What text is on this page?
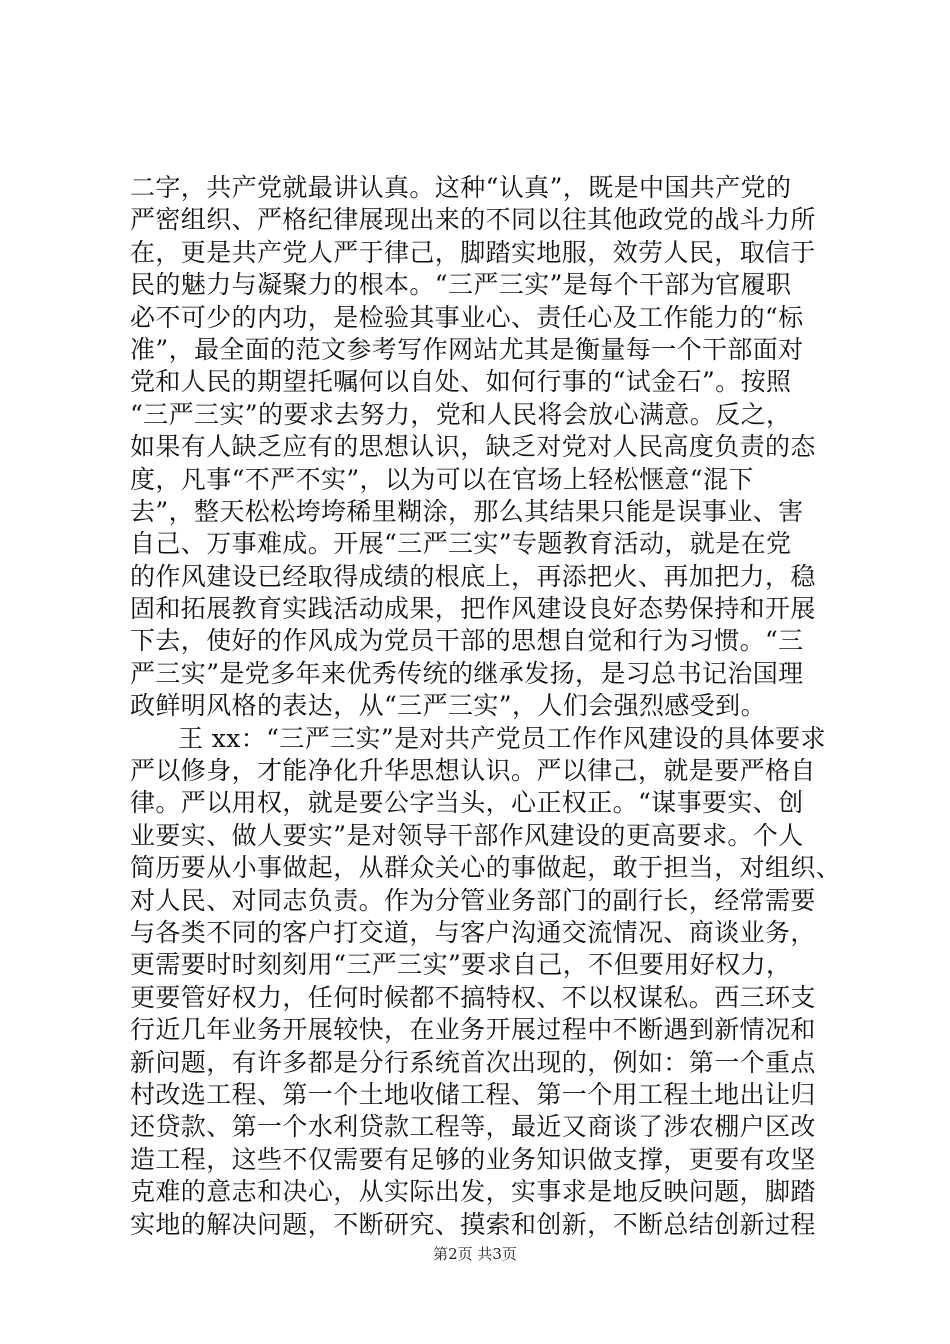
二字，共产党就最讲认真。这种“认真”，既是中国共产党的
严密组织、严格纪律展现出来的不同以往其他政党的战斗力所
在，更是共产党人严于律己，脚踏实地服，效劳人民，取信于
民的魅力与凝聚力的根本。“三严三实”是每个干部为官履职
必不可少的内功，是检验其事业心、责任心及工作能力的“标
准”，最全面的范文参考写作网站尤其是衡量每一个干部面对
党和人民的期望托嘱何以自处、如何行事的“试金石”。按照
“三严三实”的要求去努力，党和人民将会放心满意。反之，
如果有人缺乏应有的思想认识，缺乏对党对人民高度负责的态
度，凡事“不严不实”，以为可以在官场上轻松惬意“混下
去”，整天松松垮垮稀里糊涂，那么其结果只能是误事业、害
自己、万事难成。开展“三严三实”专题教育活动，就是在党
的作风建设已经取得成绩的根底上，再添把火、再加把力，稳
固和拓展教育实践活动成果，把作风建设良好态势保持和开展
下去，使好的作风成为党员干部的思想自觉和行为习惯。“三
严三实”是党多年来优秀传统的继承发扬，是习总书记治国理
政鲜明风格的表达，从“三严三实”，人们会强烈感受到。
王 xx：“三严三实”是对共产党员工作作风建设的具体要求
严以修身，才能净化升华思想认识。严以律己，就是要严格自
律。严以用权，就是要公字当头，心正权正。“谋事要实、创
业要实、做人要实”是对领导干部作风建设的更高要求。个人
简历要从小事做起，从群众关心的事做起，敢于担当，对组织、
对人民、对同志负责。作为分管业务部门的副行长，经常需要
与各类不同的客户打交道，与客户沟通交流情况、商谈业务，
更需要时时刻刻用“三严三实”要求自己，不但要用好权力，
更要管好权力，任何时候都不搞特权、不以权谋私。西三环支
行近几年业务开展较快，在业务开展过程中不断遇到新情况和
新问题，有许多都是分行系统首次出现的，例如：第一个重点
村改选工程、第一个土地收储工程、第一个用工程土地出让归
还贷款、第一个水利贷款工程等，最近又商谈了涉农棚户区改
造工程，这些不仅需要有足够的业务知识做支撑，更要有攻坚
克难的意志和决心，从实际出发，实事求是地反映问题，脚踏
实地的解决问题，不断研究、摸索和创新，不断总结创新过程
第2页 共3页
